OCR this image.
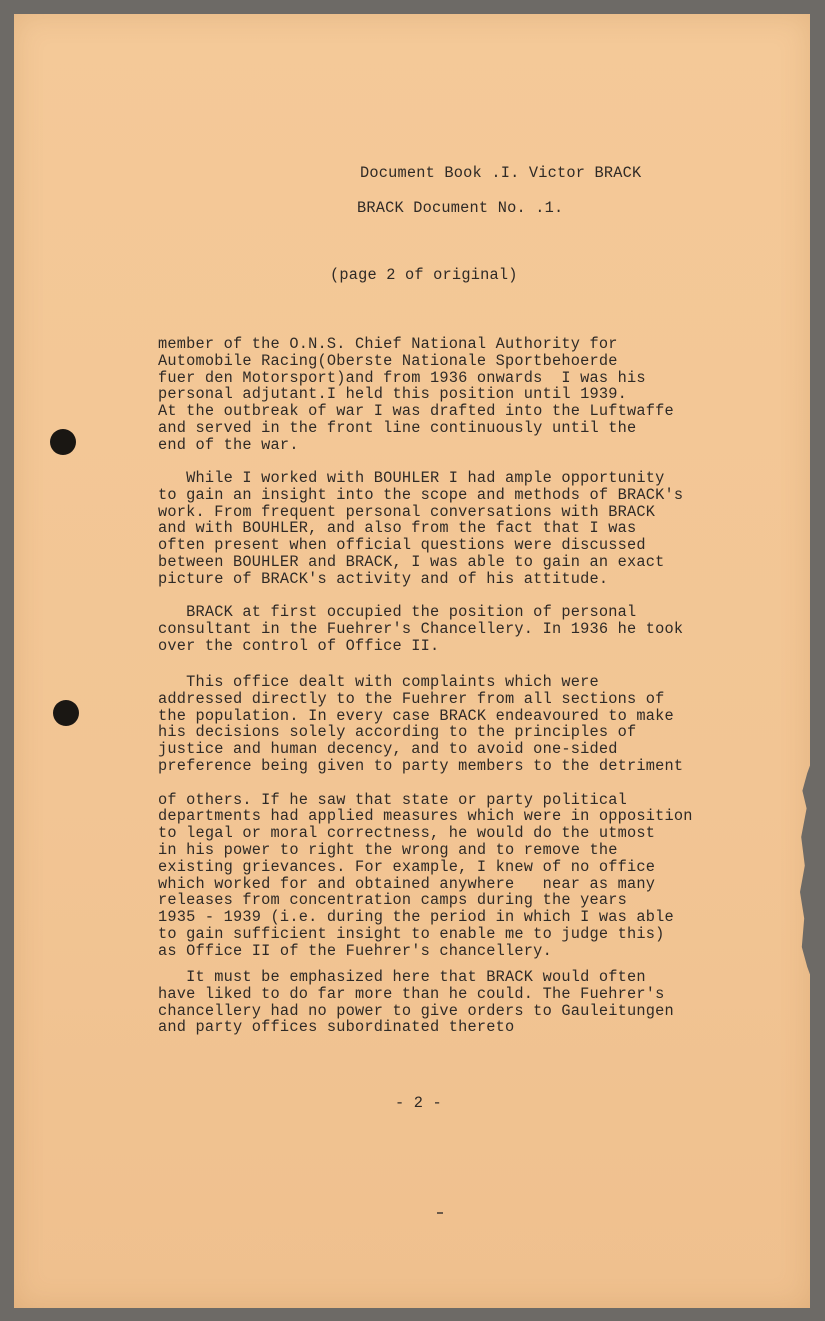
Document Book .I. Victor BRACK

BRACK Document No. .1.

(page 2 of original)

member of the O.N.S. Chief National Authority for
Automobile Racing(Oberste Nationale Sportbehoerde
fuer den Motorsport)and from 1936 onwards  I was his
personal adjutant.I held this position until 1939.
At the outbreak of war I was drafted into the Luftwaffe
and served in the front line continuously until the
end of the war.

While I worked with BOUHLER I had ample opportunity
to gain an insight into the scope and methods of BRACK's
work. From frequent personal conversations with BRACK
and with BOUHLER, and also from the fact that I was
often present when official questions were discussed
between BOUHLER and BRACK, I was able to gain an exact
picture of BRACK's activity and of his attitude.

BRACK at first occupied the position of personal
consultant in the Fuehrer's Chancellery. In 1936 he took
over the control of Office II.

This office dealt with complaints which were
addressed directly to the Fuehrer from all sections of
the population. In every case BRACK endeavoured to make
his decisions solely according to the principles of
justice and human decency, and to avoid one-sided
preference being given to party members to the detriment

of others. If he saw that state or party political
departments had applied measures which were in opposition
to legal or moral correctness, he would do the utmost
in his power to right the wrong and to remove the
existing grievances. For example, I knew of no office
which worked for and obtained anywhere   near as many
releases from concentration camps during the years
1935 - 1939 (i.e. during the period in which I was able
to gain sufficient insight to enable me to judge this)
as Office II of the Fuehrer's chancellery.

It must be emphasized here that BRACK would often
have liked to do far more than he could. The Fuehrer's
chancellery had no power to give orders to Gauleitungen
and party offices subordinated thereto

- 2 -
